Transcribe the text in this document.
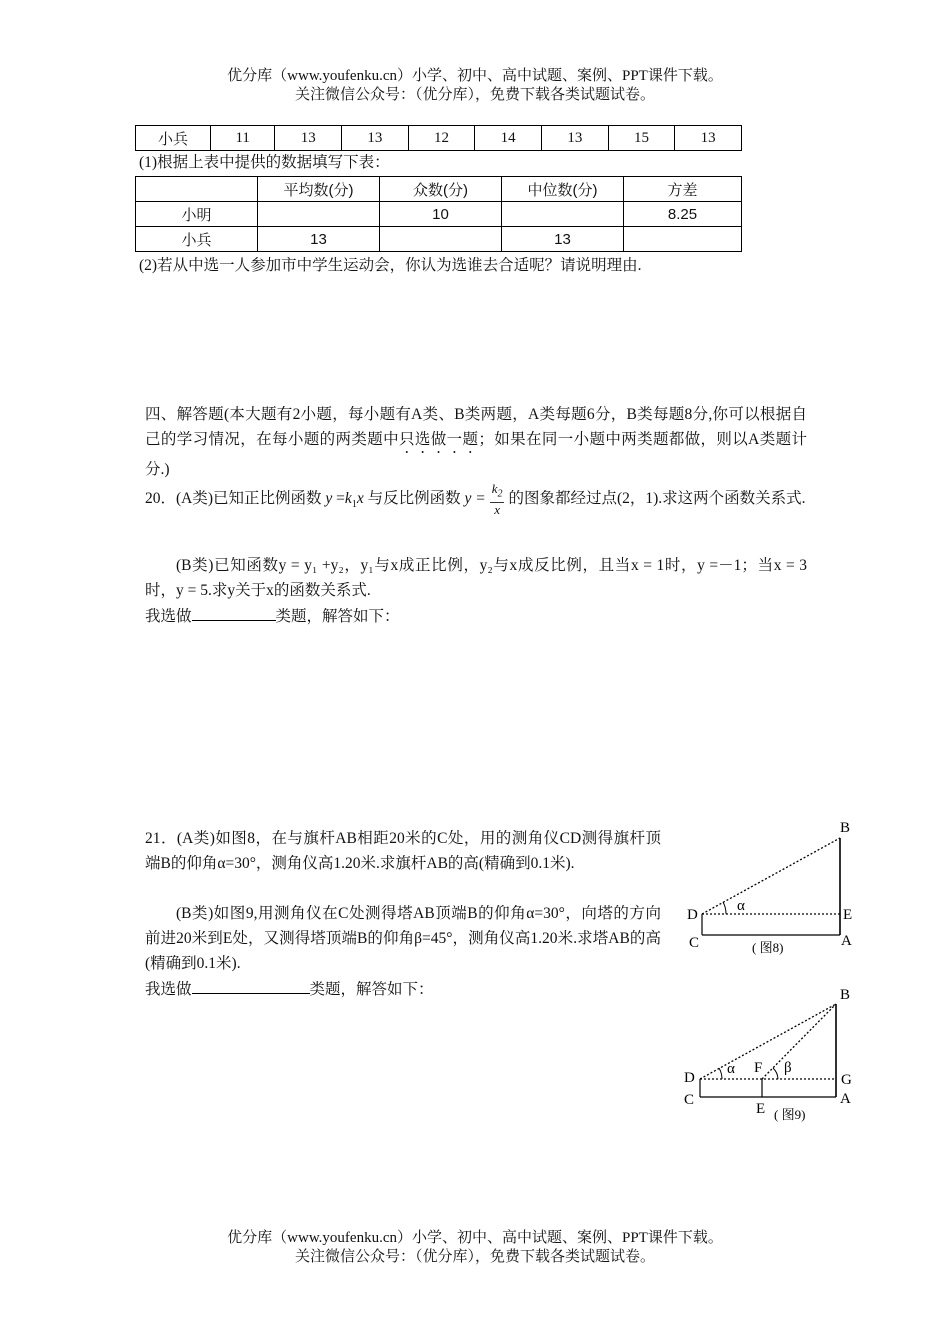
优分库（www.youfenku.cn）小学、初中、高中试题、案例、PPT课件下载。
关注微信公众号：（优分库），免费下载各类试题试卷。
小兵	11	13	13	12	14	13	15	13
(1)根据上表中提供的数据填写下表：
	平均数(分)	众数(分)	中位数(分)	方差
小明		10		8.25
小兵	13		13	
(2)若从中选一人参加市中学生运动会，你认为选谁去合适呢？请说明理由.
四、解答题(本大题有2小题，每小题有A类、B类两题，A类每题6分，B类每题8分,你可以根据自己的学习情况，在每小题的两类题中只选做一题；如果在同一小题中两类题都做，则以A类题计分.)
20．(A类)已知正比例函数 $y =k_1x$ 与反比例函数 $y = \frac{k_2}{x}$ 的图象都经过点(2，1).求这两个函数关系式.
(B类)已知函数y = y₁ +y₂，y₁与x成正比例，y₂与x成反比例，且当x = 1时，y =－1；当x = 3时，y = 5.求y关于x的函数关系式.
我选做	类题，解答如下：
21．(A类)如图8，在与旗杆AB相距20米的C处，用的测角仪CD测得旗杆顶端B的仰角α=30°，测角仪高1.20米.求旗杆AB的高(精确到0.1米).
(B类)如图9,用测角仪在C处测得塔AB顶端B的仰角α=30°，向塔的方向前进20米到E处，又测得塔顶端B的仰角β=45°，测角仪高1.20米.求塔AB的高(精确到0.1米).
我选做	类题，解答如下：
α
B
D	E
C	A
( 图8)
α	β
B
D
F
G
C
E
A
( 图9)
优分库（www.youfenku.cn）小学、初中、高中试题、案例、PPT课件下载。
关注微信公众号：（优分库），免费下载各类试题试卷。
